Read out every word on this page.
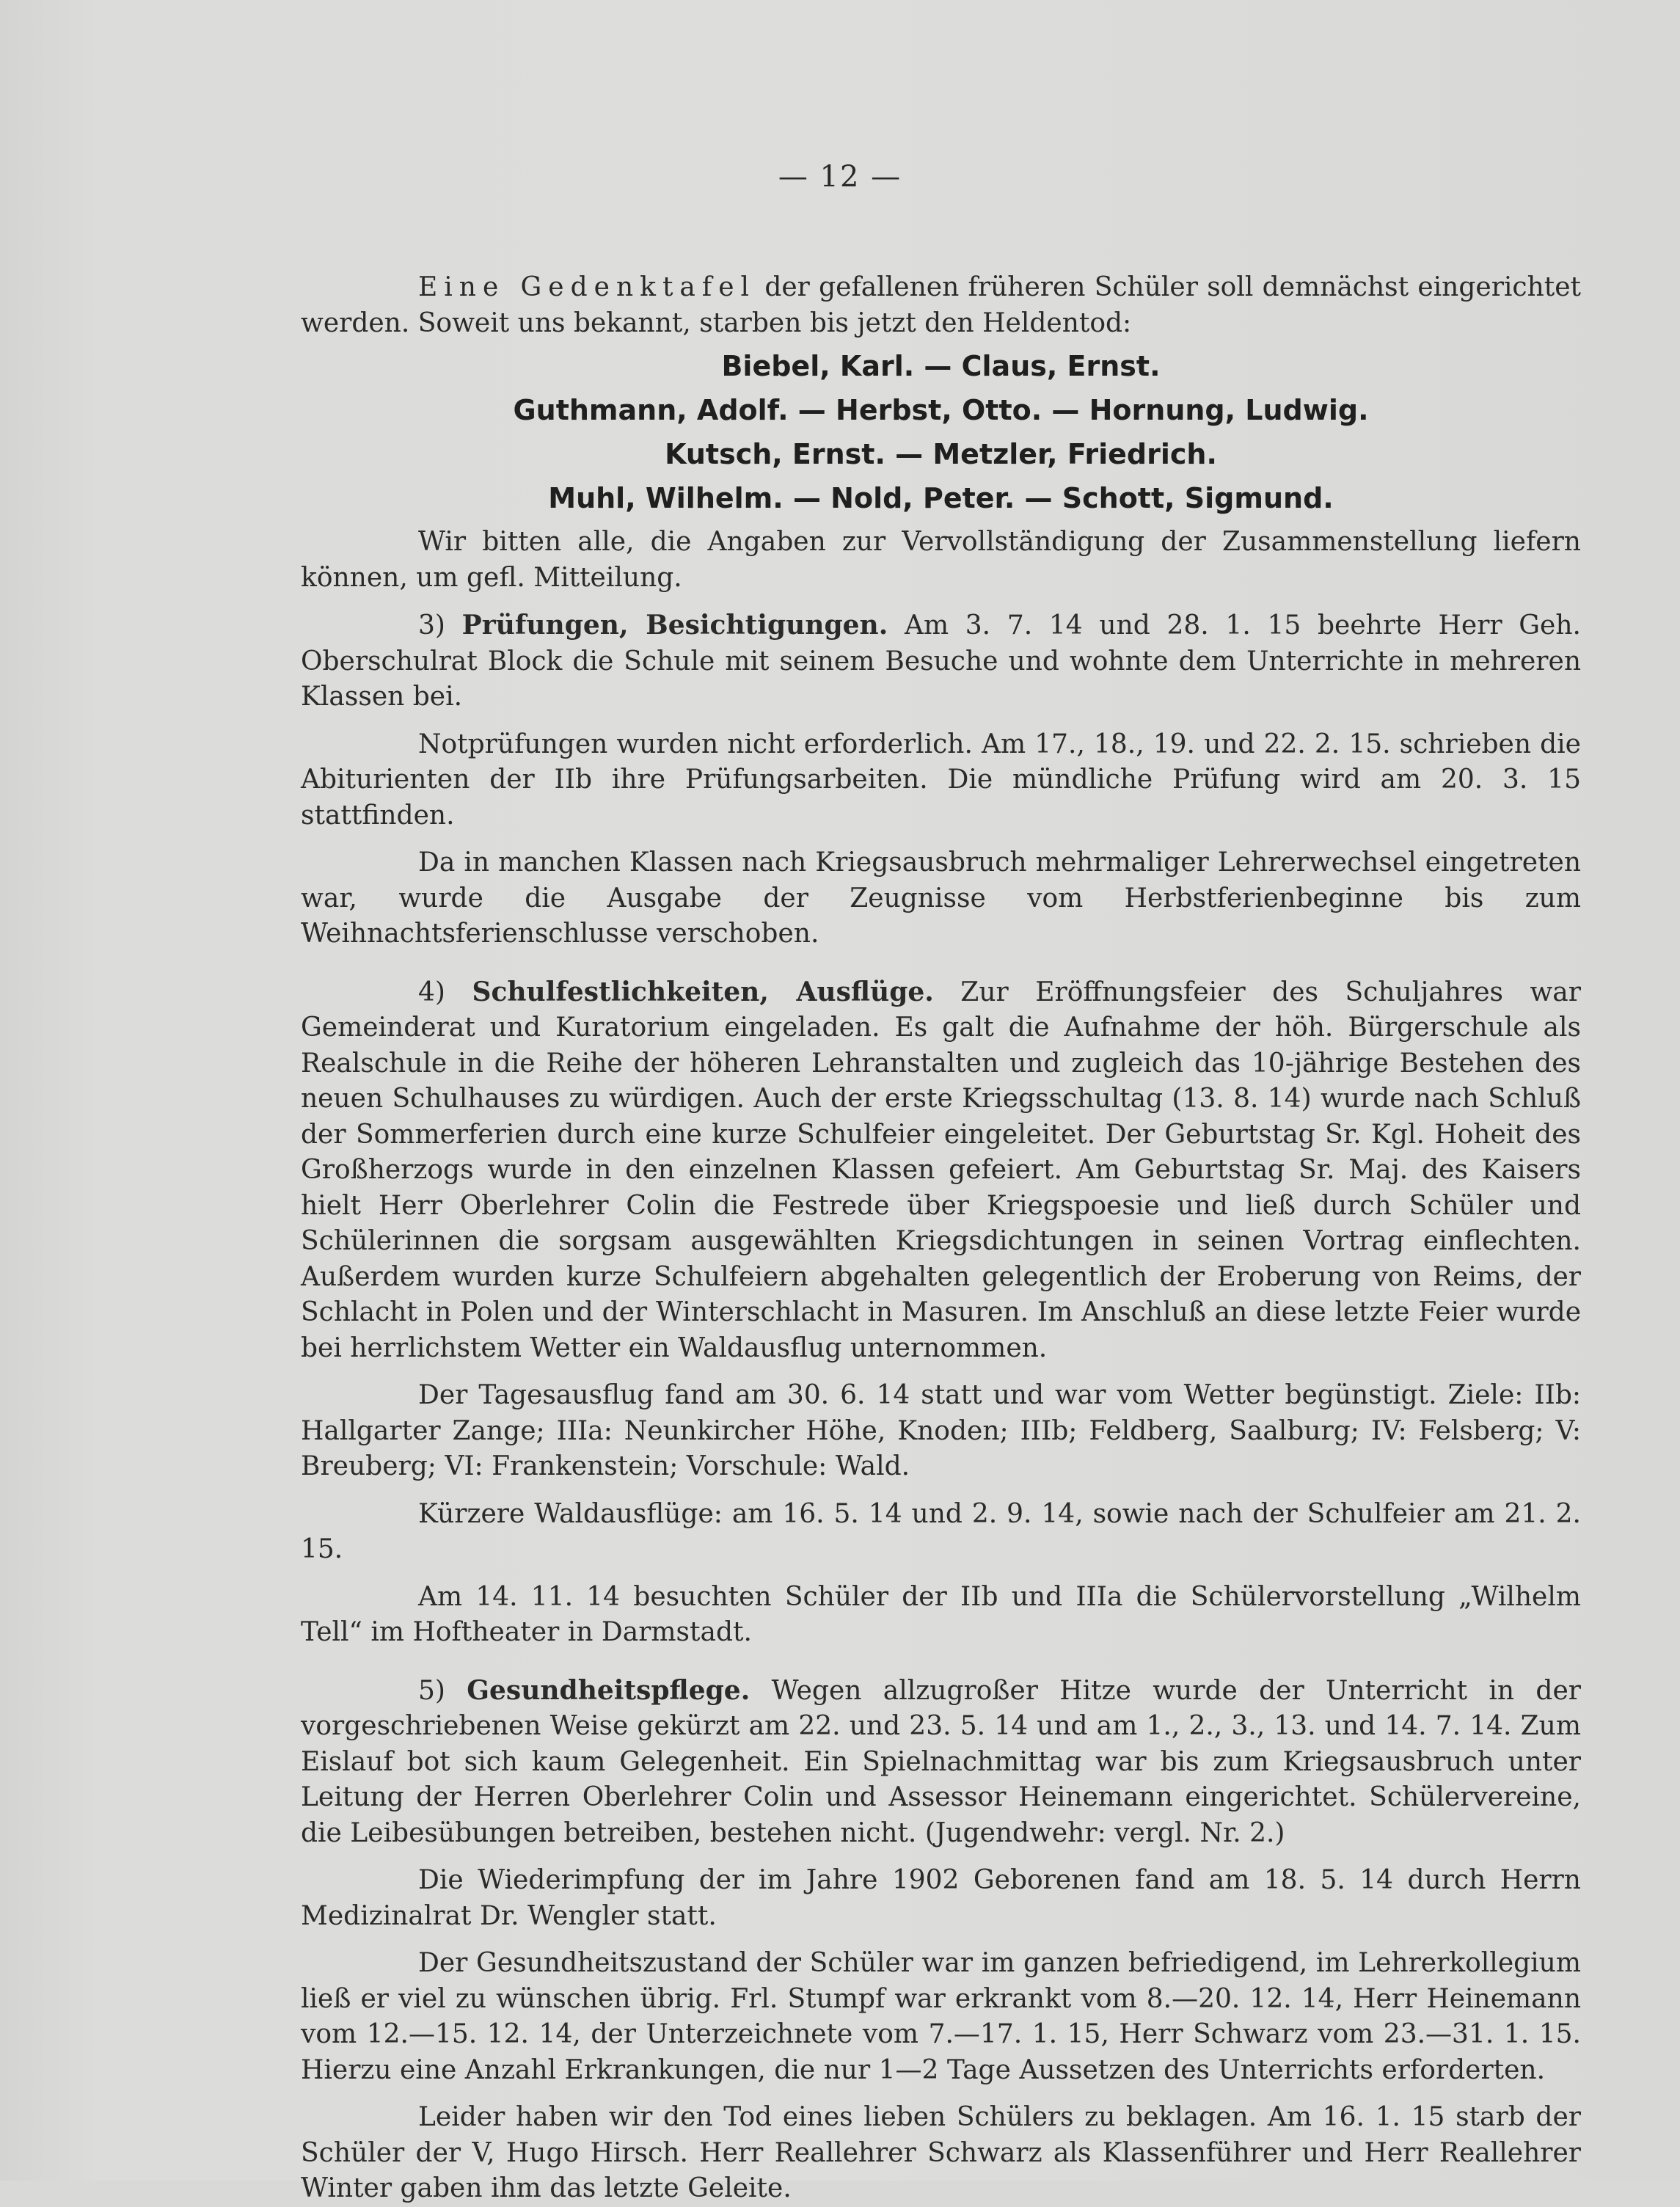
— 12 —

Eine Gedenktafel der gefallenen früheren Schüler soll demnächst eingerichtet werden. Soweit uns bekannt, starben bis jetzt den Heldentod:

Biebel, Karl. — Claus, Ernst.
Guthmann, Adolf. — Herbst, Otto. — Hornung, Ludwig.
Kutsch, Ernst. — Metzler, Friedrich.
Muhl, Wilhelm. — Nold, Peter. — Schott, Sigmund.

Wir bitten alle, die Angaben zur Vervollständigung der Zusammenstellung liefern können, um gefl. Mitteilung.

3) Prüfungen, Besichtigungen. Am 3. 7. 14 und 28. 1. 15 beehrte Herr Geh. Oberschulrat Block die Schule mit seinem Besuche und wohnte dem Unterrichte in mehreren Klassen bei.

Notprüfungen wurden nicht erforderlich. Am 17., 18., 19. und 22. 2. 15. schrieben die Abiturienten der IIb ihre Prüfungsarbeiten. Die mündliche Prüfung wird am 20. 3. 15 stattfinden.

Da in manchen Klassen nach Kriegsausbruch mehrmaliger Lehrerwechsel eingetreten war, wurde die Ausgabe der Zeugnisse vom Herbstferienbeginne bis zum Weihnachtsferienschlusse verschoben.

4) Schulfestlichkeiten, Ausflüge. Zur Eröffnungsfeier des Schuljahres war Gemeinderat und Kuratorium eingeladen. Es galt die Aufnahme der höh. Bürgerschule als Realschule in die Reihe der höheren Lehranstalten und zugleich das 10-jährige Bestehen des neuen Schulhauses zu würdigen. Auch der erste Kriegsschultag (13. 8. 14) wurde nach Schluß der Sommerferien durch eine kurze Schulfeier eingeleitet. Der Geburtstag Sr. Kgl. Hoheit des Großherzogs wurde in den einzelnen Klassen gefeiert. Am Geburtstag Sr. Maj. des Kaisers hielt Herr Oberlehrer Colin die Festrede über Kriegspoesie und ließ durch Schüler und Schülerinnen die sorgsam ausgewählten Kriegsdichtungen in seinen Vortrag einflechten. Außerdem wurden kurze Schulfeiern abgehalten gelegentlich der Eroberung von Reims, der Schlacht in Polen und der Winterschlacht in Masuren. Im Anschluß an diese letzte Feier wurde bei herrlichstem Wetter ein Waldausflug unternommen.

Der Tagesausflug fand am 30. 6. 14 statt und war vom Wetter begünstigt. Ziele: IIb: Hallgarter Zange; IIIa: Neunkircher Höhe, Knoden; IIIb; Feldberg, Saalburg; IV: Felsberg; V: Breuberg; VI: Frankenstein; Vorschule: Wald.

Kürzere Waldausflüge: am 16. 5. 14 und 2. 9. 14, sowie nach der Schulfeier am 21. 2. 15.

Am 14. 11. 14 besuchten Schüler der IIb und IIIa die Schülervorstellung „Wilhelm Tell“ im Hoftheater in Darmstadt.

5) Gesundheitspflege. Wegen allzugroßer Hitze wurde der Unterricht in der vorgeschriebenen Weise gekürzt am 22. und 23. 5. 14 und am 1., 2., 3., 13. und 14. 7. 14. Zum Eislauf bot sich kaum Gelegenheit. Ein Spielnachmittag war bis zum Kriegsausbruch unter Leitung der Herren Oberlehrer Colin und Assessor Heinemann eingerichtet. Schülervereine, die Leibesübungen betreiben, bestehen nicht. (Jugendwehr: vergl. Nr. 2.)

Die Wiederimpfung der im Jahre 1902 Geborenen fand am 18. 5. 14 durch Herrn Medizinalrat Dr. Wengler statt.

Der Gesundheitszustand der Schüler war im ganzen befriedigend, im Lehrerkollegium ließ er viel zu wünschen übrig. Frl. Stumpf war erkrankt vom 8.—20. 12. 14, Herr Heinemann vom 12.—15. 12. 14, der Unterzeichnete vom 7.—17. 1. 15, Herr Schwarz vom 23.—31. 1. 15. Hierzu eine Anzahl Erkrankungen, die nur 1—2 Tage Aussetzen des Unterrichts erforderten.

Leider haben wir den Tod eines lieben Schülers zu beklagen. Am 16. 1. 15 starb der Schüler der V, Hugo Hirsch. Herr Reallehrer Schwarz als Klassenführer und Herr Reallehrer Winter gaben ihm das letzte Geleite.
